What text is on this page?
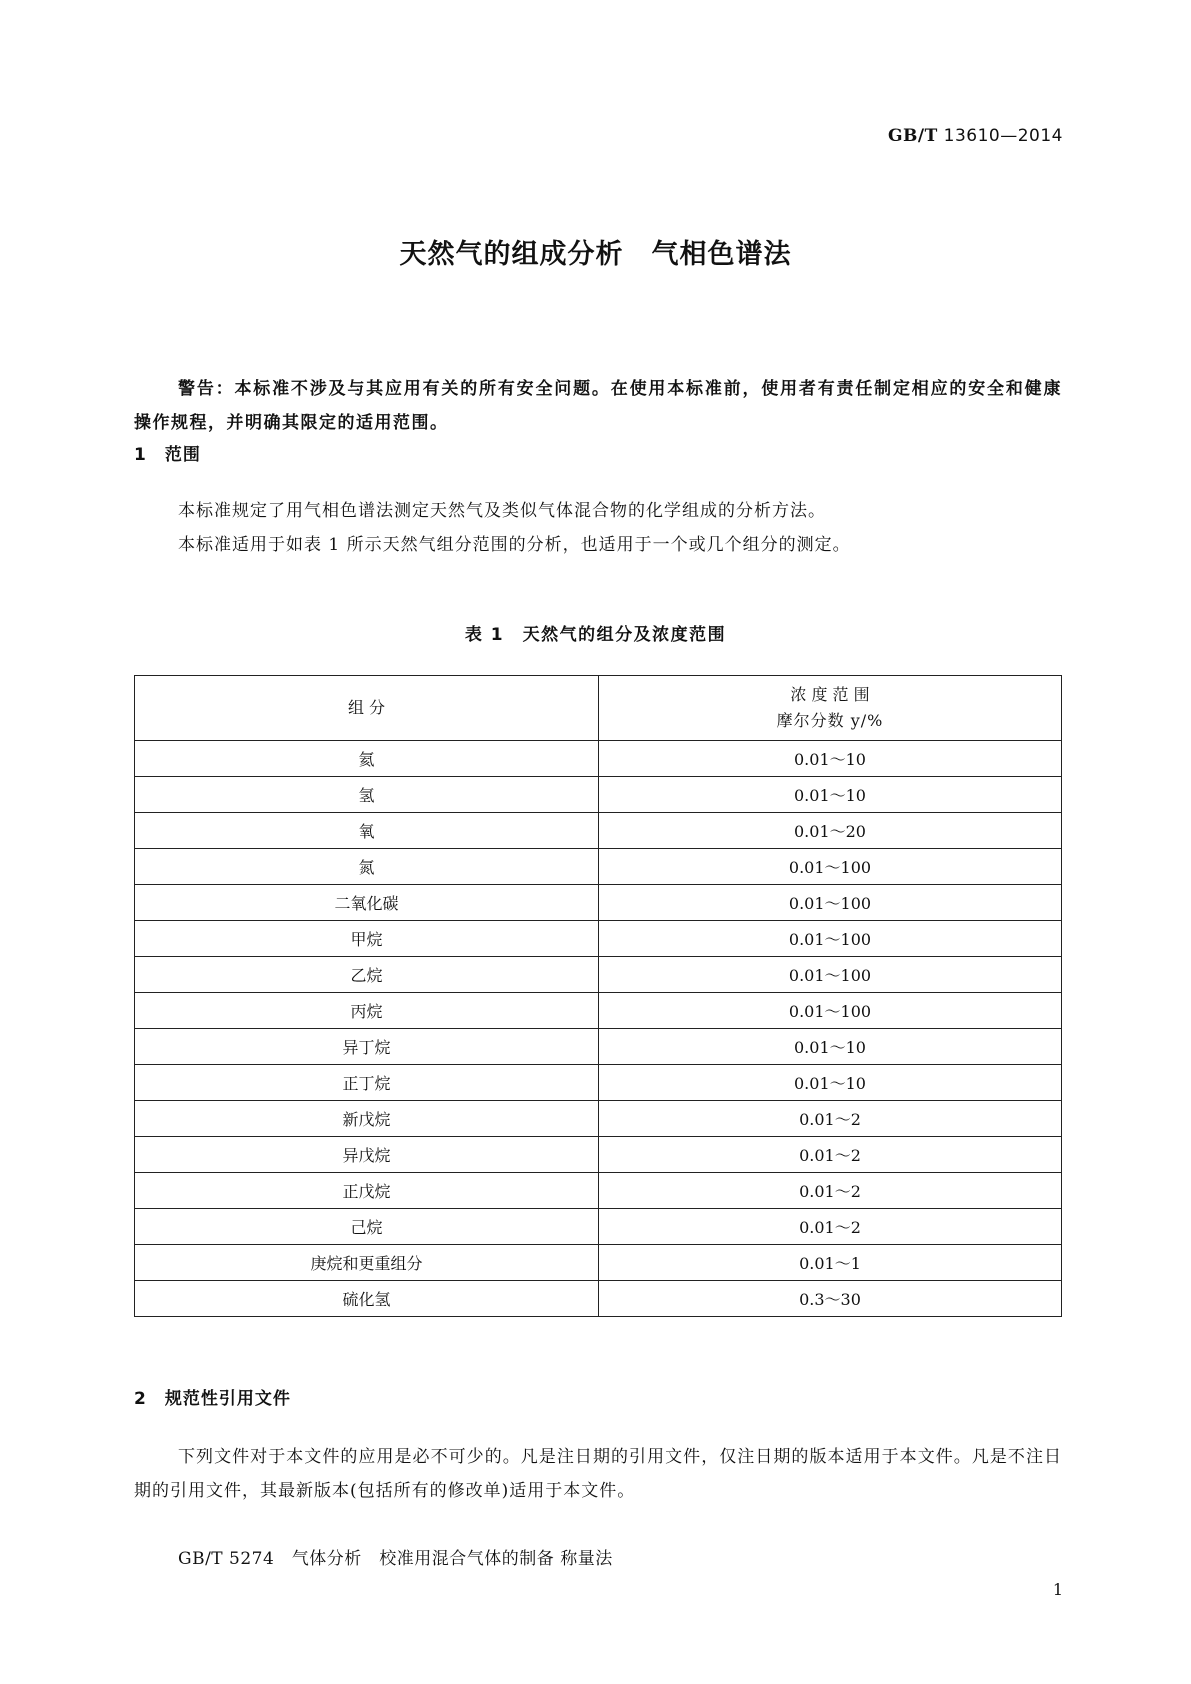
GB/T 13610—2014
天然气的组成分析　气相色谱法
警告：本标准不涉及与其应用有关的所有安全问题。在使用本标准前，使用者有责任制定相应的安全和健康操作规程，并明确其限定的适用范围。
1　范围
本标准规定了用气相色谱法测定天然气及类似气体混合物的化学组成的分析方法。
本标准适用于如表 1 所示天然气组分范围的分析，也适用于一个或几个组分的测定。
表 1　天然气的组分及浓度范围
组 分	浓 度 范 围
摩尔分数 y/%

氦	0.01～10
氢	0.01～10
氧	0.01～20
氮	0.01～100
二氧化碳	0.01～100
甲烷	0.01～100
乙烷	0.01～100
丙烷	0.01～100
异丁烷	0.01～10
正丁烷	0.01～10
新戊烷	0.01～2
异戊烷	0.01～2
正戊烷	0.01～2
己烷	0.01～2
庚烷和更重组分	0.01～1
硫化氢	0.3～30
2　规范性引用文件
下列文件对于本文件的应用是必不可少的。凡是注日期的引用文件，仅注日期的版本适用于本文件。凡是不注日期的引用文件，其最新版本(包括所有的修改单)适用于本文件。
GB/T 5274　气体分析　校准用混合气体的制备 称量法
1
